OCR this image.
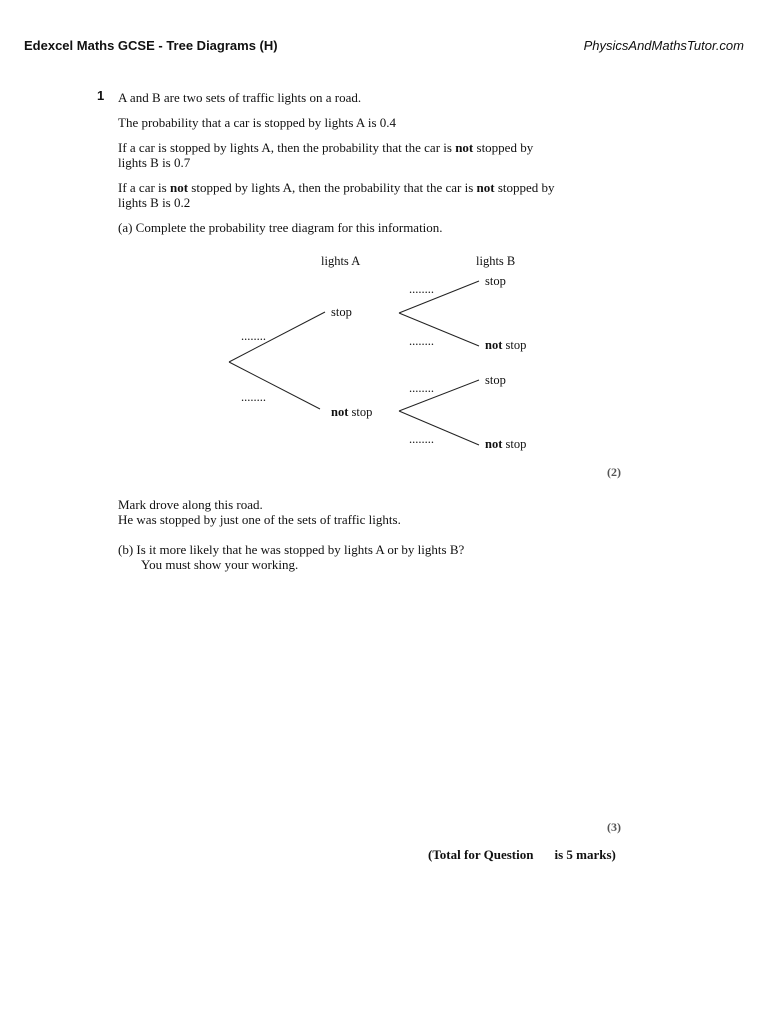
Edexcel Maths GCSE - Tree Diagrams (H)	PhysicsAndMathsTutor.com
1 A and B are two sets of traffic lights on a road.
The probability that a car is stopped by lights A is 0.4
If a car is stopped by lights A, then the probability that the car is not stopped by
lights B is 0.7
If a car is not stopped by lights A, then the probability that the car is not stopped by
lights B is 0.2
(a) Complete the probability tree diagram for this information.
lights A	lights B
........
........
........
........
........
........
stop
not stop
stop
not stop
stop
not stop
(2)
Mark drove along this road.
He was stopped by just one of the sets of traffic lights.
(b) Is it more likely that he was stopped by lights A or by lights B?
You must show your working.
(3)
(Total for Question is 5 marks)
